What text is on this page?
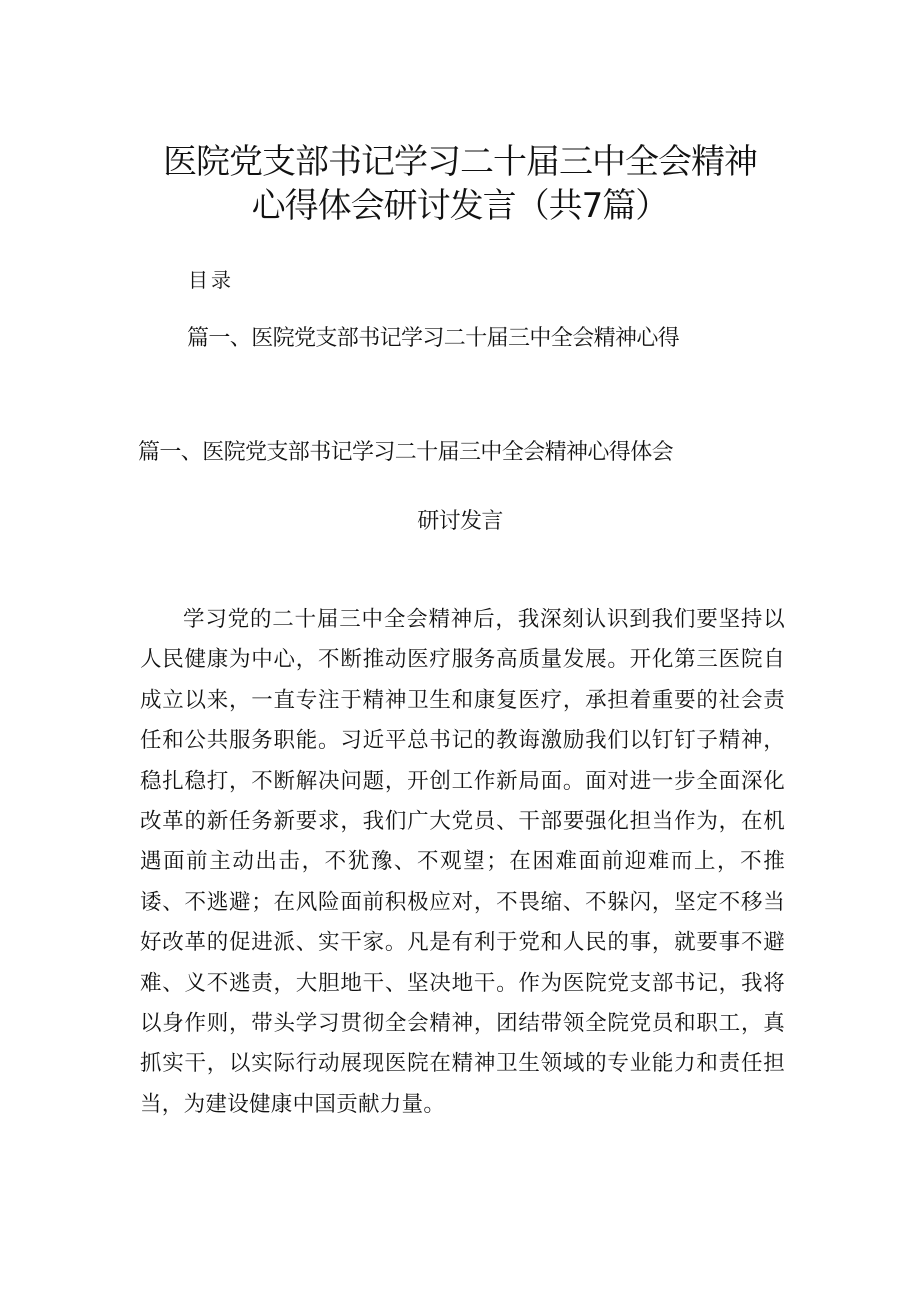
医院党支部书记学习二十届三中全会精神
心得体会研讨发言（共7篇）
目录
篇一、医院党支部书记学习二十届三中全会精神心得
篇一、医院党支部书记学习二十届三中全会精神心得体会
研讨发言

学习党的二十届三中全会精神后，我深刻认识到我们要坚持以人民健康为中心，不断推动医疗服务高质量发展。开化第三医院自成立以来，一直专注于精神卫生和康复医疗，承担着重要的社会责任和公共服务职能。习近平总书记的教诲激励我们以钉钉子精神，稳扎稳打，不断解决问题，开创工作新局面。面对进一步全面深化改革的新任务新要求，我们广大党员、干部要强化担当作为，在机遇面前主动出击，不犹豫、不观望；在困难面前迎难而上，不推诿、不逃避；在风险面前积极应对，不畏缩、不躲闪，坚定不移当好改革的促进派、实干家。凡是有利于党和人民的事，就要事不避难、义不逃责，大胆地干、坚决地干。作为医院党支部书记，我将以身作则，带头学习贯彻全会精神，团结带领全院党员和职工，真抓实干，以实际行动展现医院在精神卫生领域的专业能力和责任担当，为建设健康中国贡献力量。
